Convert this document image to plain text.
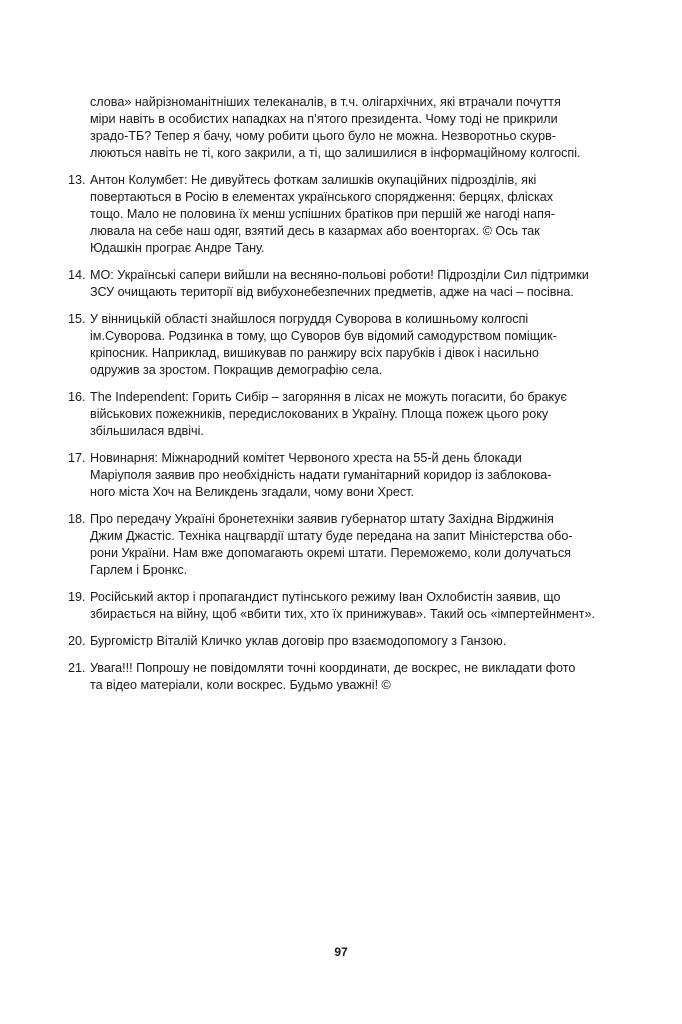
слова» найрізноманітніших телеканалів, в т.ч. олігархічних, які втрачали почуття
міри навіть в особистих нападках на п’ятого президента. Чому тоді не прикрили
зрадо-ТБ? Тепер я бачу, чому робити цього було не можна. Незворотньо скурв-
люються навіть не ті, кого закрили, а ті, що залишилися в інформаційному колгоспі.
13. Антон Колумбет: Не дивуйтесь фоткам залишків окупаційних підрозділів, які
повертаються в Росію в елементах українського спорядження: берцях, флісках
тощо. Мало не половина їх менш успішних братіков при першій же нагоді напя-
лювала на себе наш одяг, взятий десь в казармах або военторгах. © Ось так
Юдашкін програє Андре Тану.
14. МО: Українські сапери вийшли на весняно-польові роботи! Підрозділи Сил підтримки
ЗСУ очищають території від вибухонебезпечних предметів, адже на часі – посівна.
15. У вінницькій області знайшлося погруддя Суворова в колишньому колгоспі
ім.Суворова. Родзинка в тому, що Суворов був відомий самодурством поміщик-
кріпосник. Наприклад, вишикував по ранжиру всіх парубків і дівок і насильно
одружив за зростом. Покращив демографію села.
16. The Independent: Горить Сибір – загоряння в лісах не можуть погасити, бо бракує
військових пожежників, передислокованих в Україну. Площа пожеж цього року
збільшилася вдвічі.
17. Новинарня: Міжнародний комітет Червоного хреста на 55-й день блокади
Маріуполя заявив про необхідність надати гуманітарний коридор із заблокова-
ного міста Хоч на Великдень згадали, чому вони Хрест.
18. Про передачу Україні бронетехніки заявив губернатор штату Західна Вірджинія
Джим Джастіс. Техніка нацгвардії штату буде передана на запит Міністерства обо-
рони України. Нам вже допомагають окремі штати. Переможемо, коли долучаться
Гарлем і Бронкс.
19. Російський актор і пропагандист путінського режиму Іван Охлобистін заявив, що
збирається на війну, щоб «вбити тих, хто їх принижував». Такий ось «імпертейнмент».
20. Бургомістр Віталій Кличко уклав договір про взаємодопомогу з Ганзою.
21. Увага!!! Попрошу не повідомляти точні координати, де воскрес, не викладати фото
та відео матеріали, коли воскрес. Будьмо уважні! ©
97
